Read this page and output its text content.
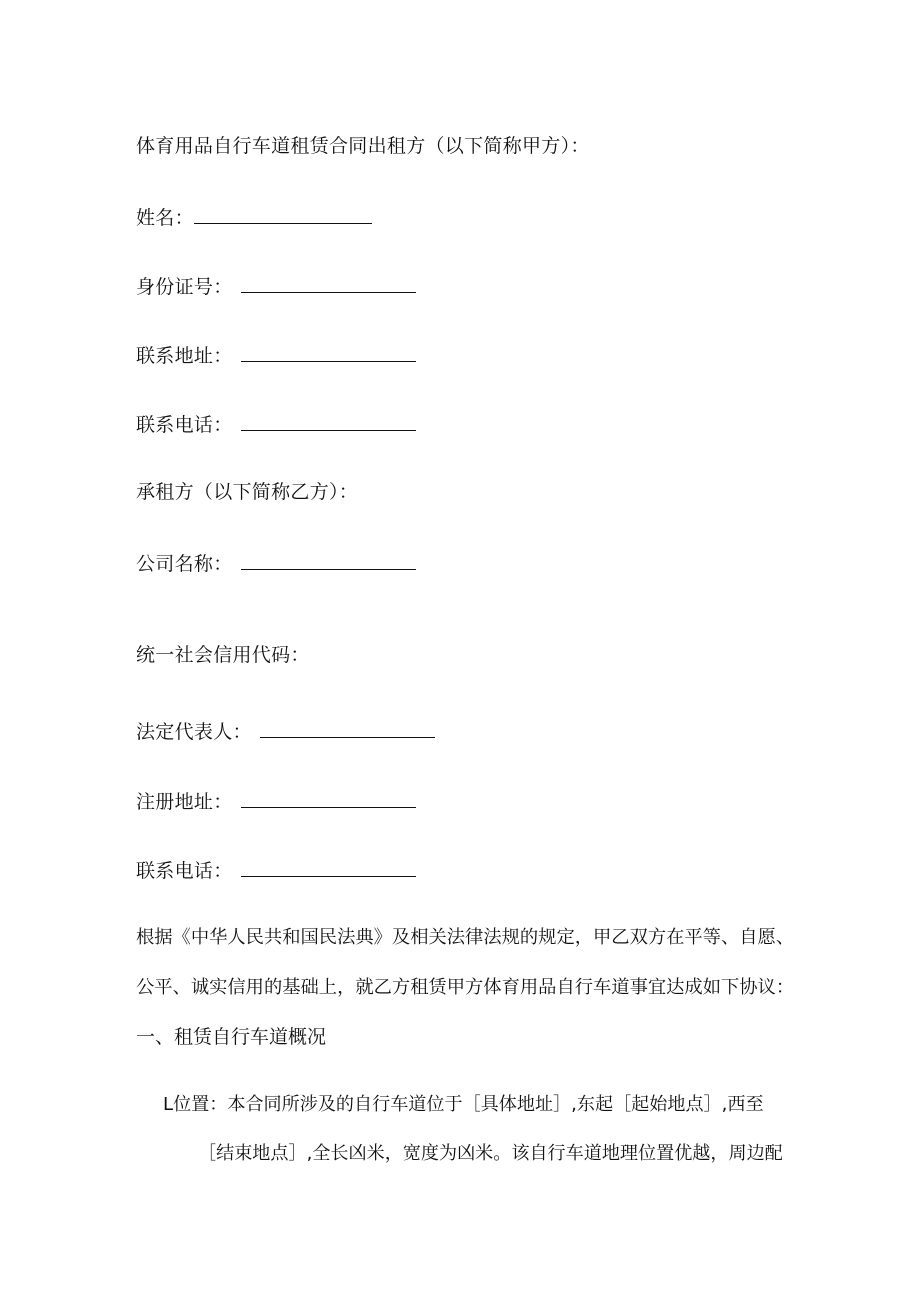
体育用品自行车道租赁合同出租方（以下简称甲方）：
姓名：
身份证号：
联系地址：
联系电话：
承租方（以下简称乙方）：
公司名称：
统一社会信用代码：
法定代表人：
注册地址：
联系电话：
根据《中华人民共和国民法典》及相关法律法规的规定，甲乙双方在平等、自愿、
公平、诚实信用的基础上，就乙方租赁甲方体育用品自行车道事宜达成如下协议：
一、租赁自行车道概况
L位置：本合同所涉及的自行车道位于［具体地址］,东起［起始地点］,西至
［结束地点］,全长凶米，宽度为凶米。该自行车道地理位置优越，周边配
